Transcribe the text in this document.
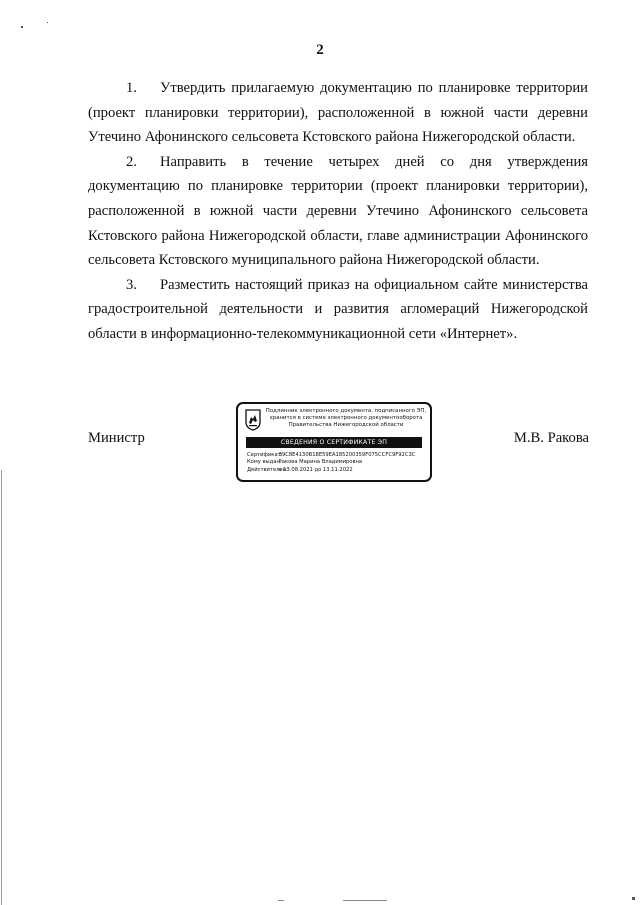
2

1. Утвердить прилагаемую документацию по планировке территории (проект планировки территории), расположенной в южной части деревни Утечино Афонинского сельсовета Кстовского района Нижегородской области.

2. Направить в течение четырех дней со дня утверждения документацию по планировке территории (проект планировки территории), расположенной в южной части деревни Утечино Афонинского сельсовета Кстовского района Нижегородской области, главе администрации Афонинского сельсовета Кстовского муниципального района Нижегородской области.

3. Разместить настоящий приказ на официальном сайте министерства градостроительной деятельности и развития агломераций Нижегородской области в информационно-телекоммуникационной сети «Интернет».

Министр	М.В. Ракова
Подлинник электронного документа, подписанного ЭП,
хранится в системе электронного документооборота
Правительства Нижегородской области
СВЕДЕНИЯ О СЕРТИФИКАТЕ ЭП
Сертификат: 39C8E4130B18E59EA185200359F075CCFC9F92C3C
Кому выдан: Ракова Марина Владимировна
Действителен: с 13.08.2021 до 13.11.2022
